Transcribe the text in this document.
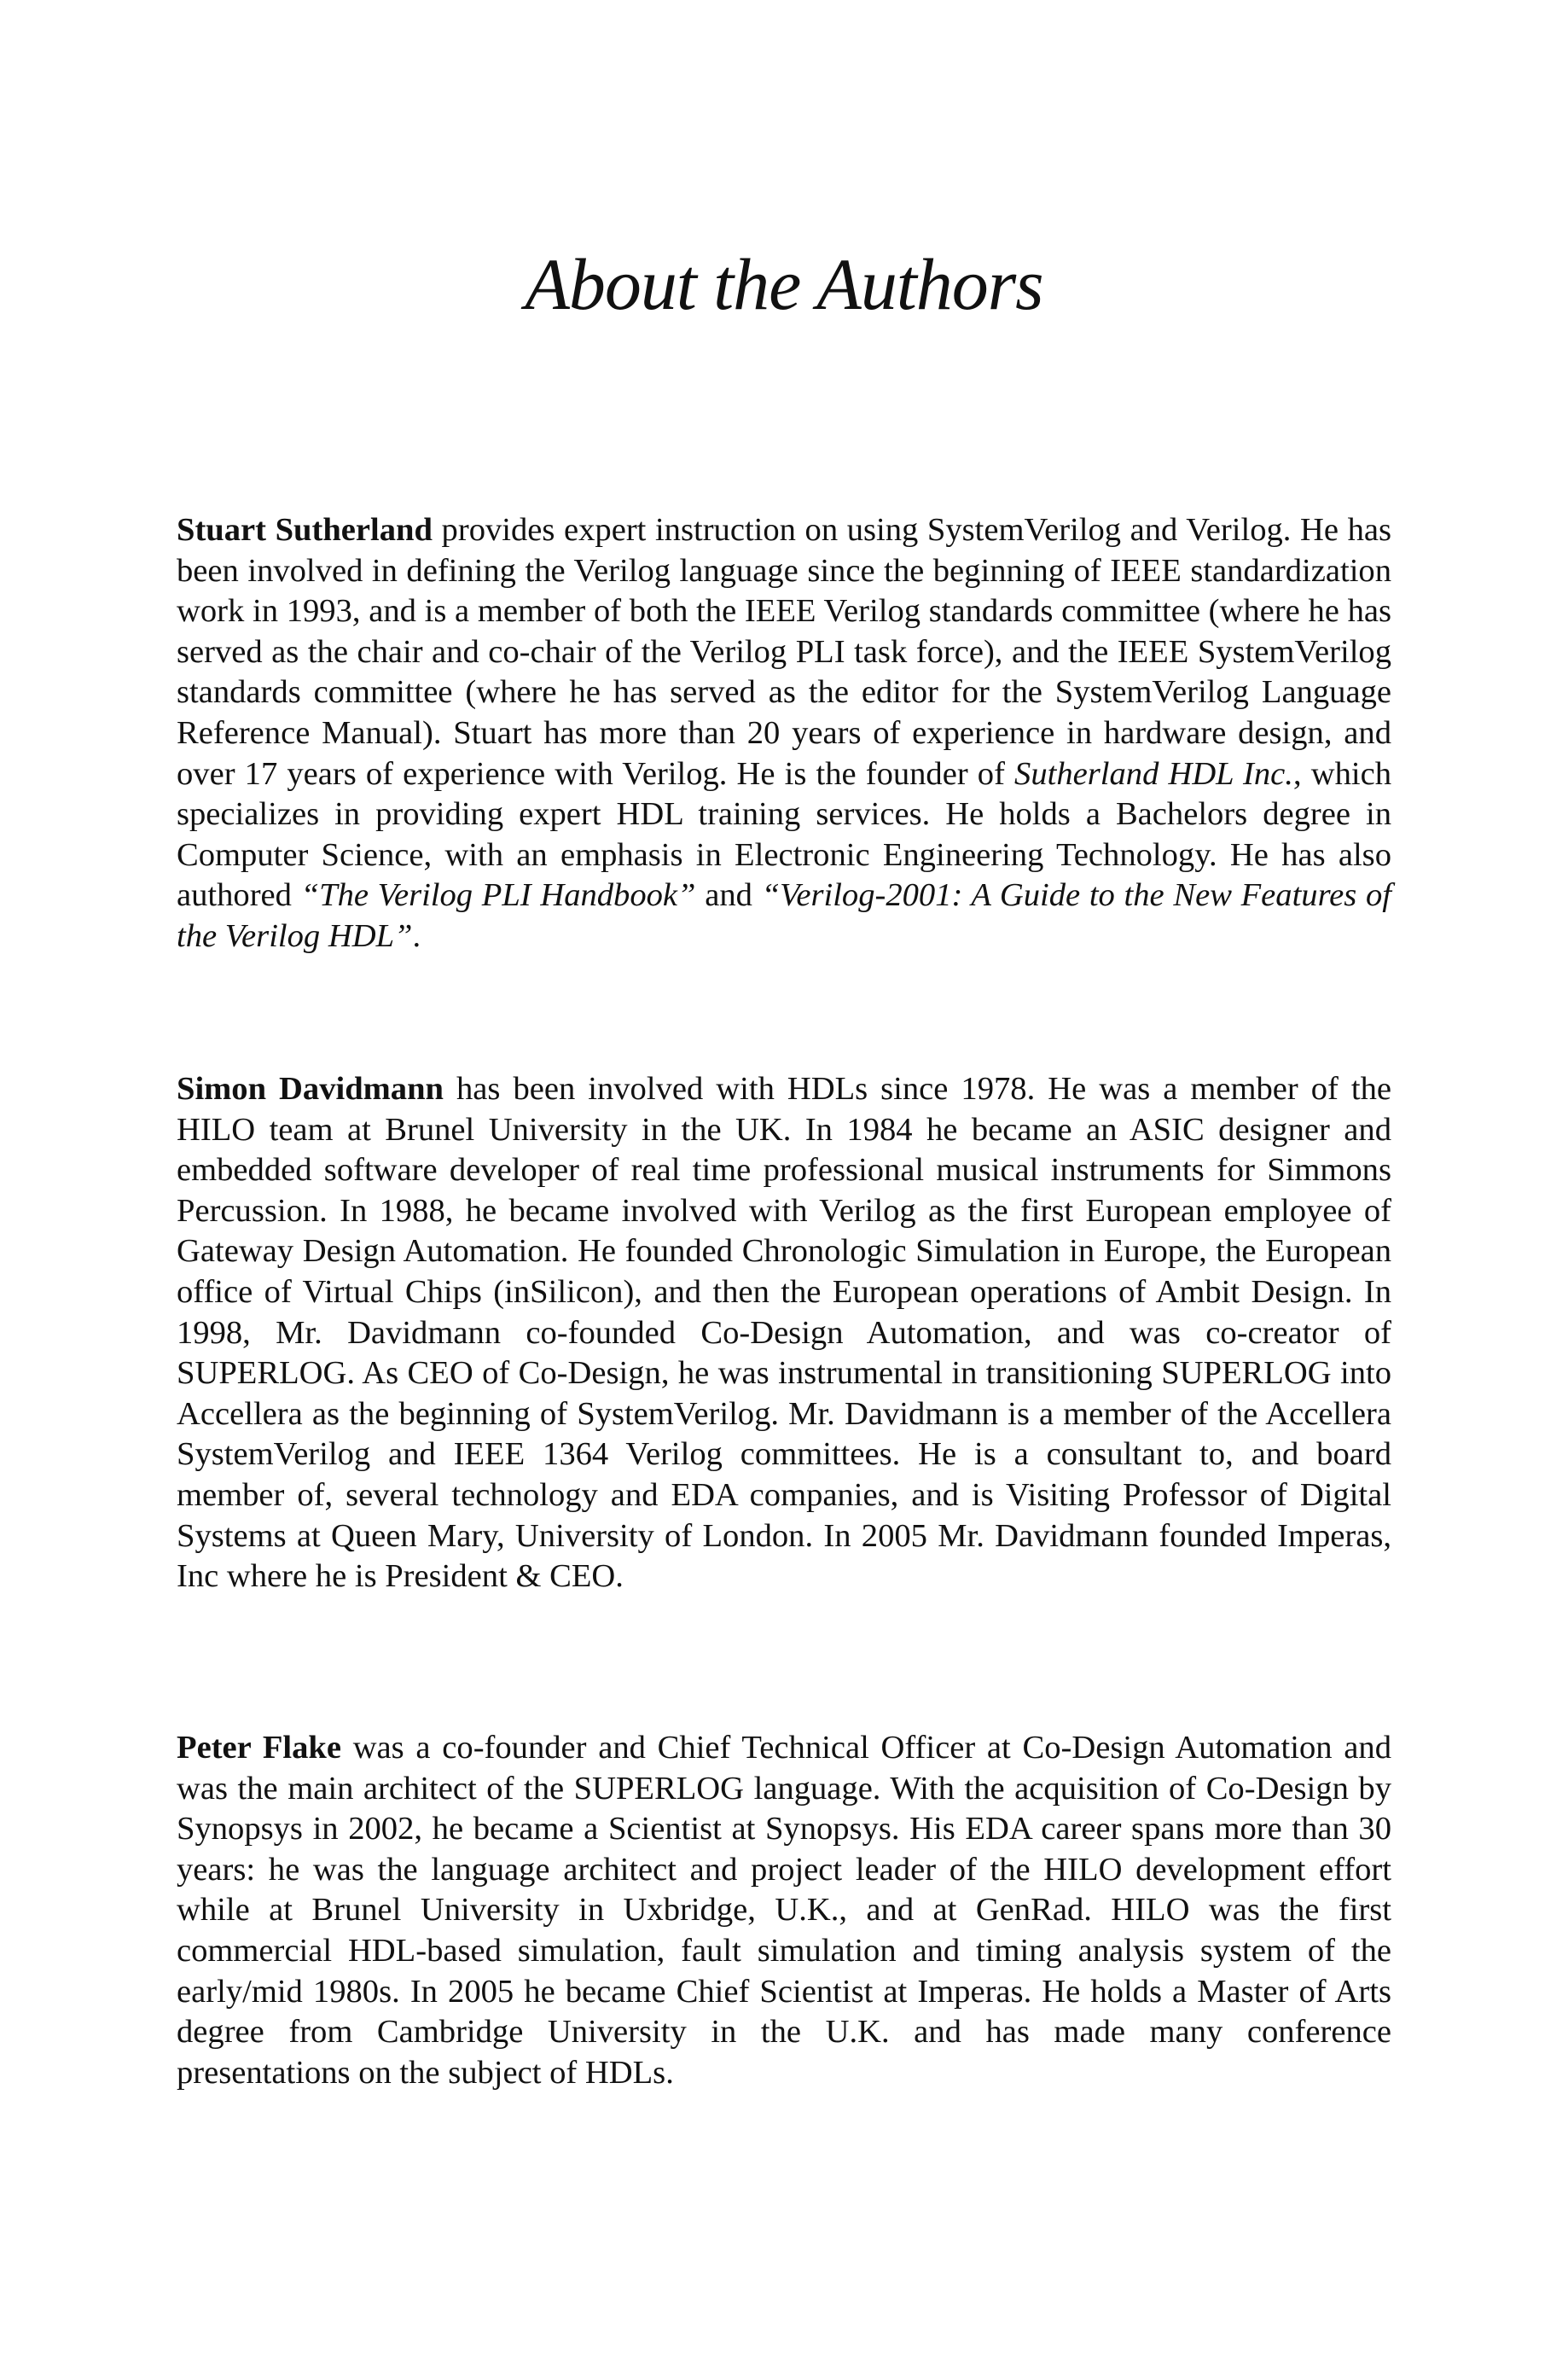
About the Authors

Stuart Sutherland provides expert instruction on using SystemVerilog and Verilog. He has been involved in defining the Verilog language since the beginning of IEEE standardization work in 1993, and is a member of both the IEEE Verilog standards committee (where he has served as the chair and co-chair of the Verilog PLI task force), and the IEEE SystemVerilog standards committee (where he has served as the editor for the SystemVerilog Language Reference Manual). Stuart has more than 20 years of experience in hardware design, and over 17 years of experience with Verilog. He is the founder of Sutherland HDL Inc., which specializes in providing expert HDL training services. He holds a Bachelors degree in Computer Science, with an emphasis in Electronic Engineering Technology. He has also authored “The Verilog PLI Handbook” and “Verilog-2001: A Guide to the New Features of the Verilog HDL”.

Simon Davidmann has been involved with HDLs since 1978. He was a member of the HILO team at Brunel University in the UK. In 1984 he became an ASIC designer and embedded software developer of real time professional musical instruments for Simmons Percussion. In 1988, he became involved with Verilog as the first European employee of Gateway Design Automation. He founded Chronologic Simulation in Europe, the European office of Virtual Chips (inSilicon), and then the European operations of Ambit Design. In 1998, Mr. Davidmann co-founded Co-Design Automation, and was co-creator of SUPERLOG. As CEO of Co-Design, he was instrumental in transitioning SUPERLOG into Accellera as the beginning of SystemVerilog. Mr. Davidmann is a member of the Accellera SystemVerilog and IEEE 1364 Verilog committees. He is a consultant to, and board member of, several technology and EDA companies, and is Visiting Professor of Digital Systems at Queen Mary, University of London. In 2005 Mr. Davidmann founded Imperas, Inc where he is President & CEO.

Peter Flake was a co-founder and Chief Technical Officer at Co-Design Automation and was the main architect of the SUPERLOG language. With the acquisition of Co-Design by Synopsys in 2002, he became a Scientist at Synopsys. His EDA career spans more than 30 years: he was the language architect and project leader of the HILO development effort while at Brunel University in Uxbridge, U.K., and at GenRad. HILO was the first commercial HDL-based simulation, fault simulation and timing analysis system of the early/mid 1980s. In 2005 he became Chief Scientist at Imperas. He holds a Master of Arts degree from Cambridge University in the U.K. and has made many conference presentations on the subject of HDLs.
